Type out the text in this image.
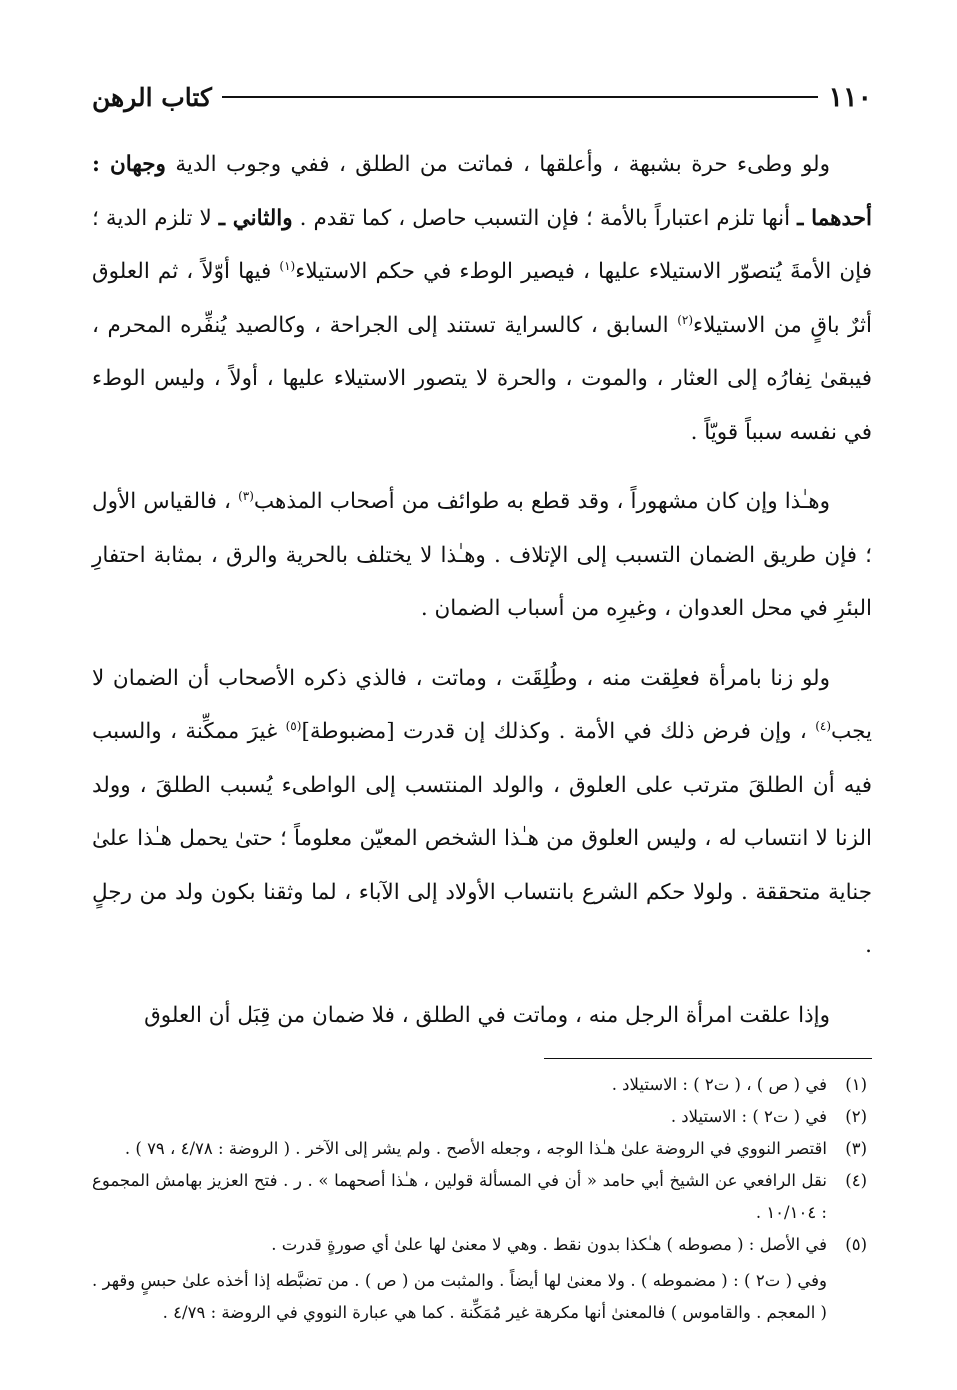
١١٠
كتاب الرهن

ولو وطىء حرة بشبهة ، وأعلقها ، فماتت من الطلق ، ففي وجوب الدية وجهان : أحدهما ـ أنها تلزم اعتباراً بالأمة ؛ فإن التسبب حاصل ، كما تقدم . والثاني ـ لا تلزم الدية ؛ فإن الأمةَ يُتصوّر الاستيلاء عليها ، فيصير الوطء في حكم الاستيلاء$^{(١)}$ فيها أوّلاً ، ثم العلوق أثرٌ باقٍ من الاستيلاء$^{(٢)}$ السابق ، كالسراية تستند إلى الجراحة ، وكالصيد يُنفِّره المحرم ، فيبقىٰ نِفارُه إلى العثار ، والموت ، والحرة لا يتصور الاستيلاء عليها ، أولاً ، وليس الوطء في نفسه سبباً قويّاً .

وهـٰذا وإن كان مشهوراً ، وقد قطع به طوائف من أصحاب المذهب$^{(٣)}$ ، فالقياس الأول ؛ فإن طريق الضمان التسبب إلى الإتلاف . وهـٰذا لا يختلف بالحرية والرق ، بمثابة احتفارِ البئرِ في محل العدوان ، وغيرِه من أسباب الضمان .

ولو زنا بامرأة فعلِقت منه ، وطُلِقَت ، وماتت ، فالذي ذكره الأصحاب أن الضمان لا يجب$^{(٤)}$ ، وإن فرض ذلك في الأمة . وكذلك إن قدرت [مضبوطة]$^{(٥)}$ غيرَ ممكِّنة ، والسبب فيه أن الطلقَ مترتب على العلوق ، والولد المنتسب إلى الواطىء يُسبب الطلقَ ، وولد الزنا لا انتساب له ، وليس العلوق من هـٰذا الشخص المعيّن معلوماً ؛ حتىٰ يحمل هـٰذا علىٰ جناية متحققة . ولولا حكم الشرع بانتساب الأولاد إلى الآباء ، لما وثقنا بكون ولد من رجلٍ .

وإذا علقت امرأة الرجل منه ، وماتت في الطلق ، فلا ضمان من قِبَل أن العلوق

(١)
في ( ص ) ، ( ت٢ ) : الاستيلاد .
(٢)
في ( ت٢ ) : الاستيلاد .
(٣)
اقتصر النووي في الروضة علىٰ هـٰذا الوجه ، وجعله الأصح . ولم يشر إلى الآخر . ( الروضة : ٤/٧٨ ، ٧٩ ) .
(٤)
نقل الرافعي عن الشيخ أبي حامد « أن في المسألة قولين ، هـٰذا أصحهما » . ر . فتح العزيز بهامش المجموع : ١٠/١٠٤ .
(٥)
في الأصل : ( مصوطه ) هـٰكذا بدون نقط . وهي لا معنىٰ لها علىٰ أي صورةٍ قدرت .
وفي ( ت٢ ) : ( مضموطه ) . ولا معنىٰ لها أيضاً . والمثبت من ( ص ) . من تضبَّطه إذا أخذه علىٰ حبسٍ وقهر . ( المعجم . والقاموس ) فالمعنىٰ أنها مكرهة غير مُمَكِّنة . كما هي عبارة النووي في الروضة : ٤/٧٩ .
